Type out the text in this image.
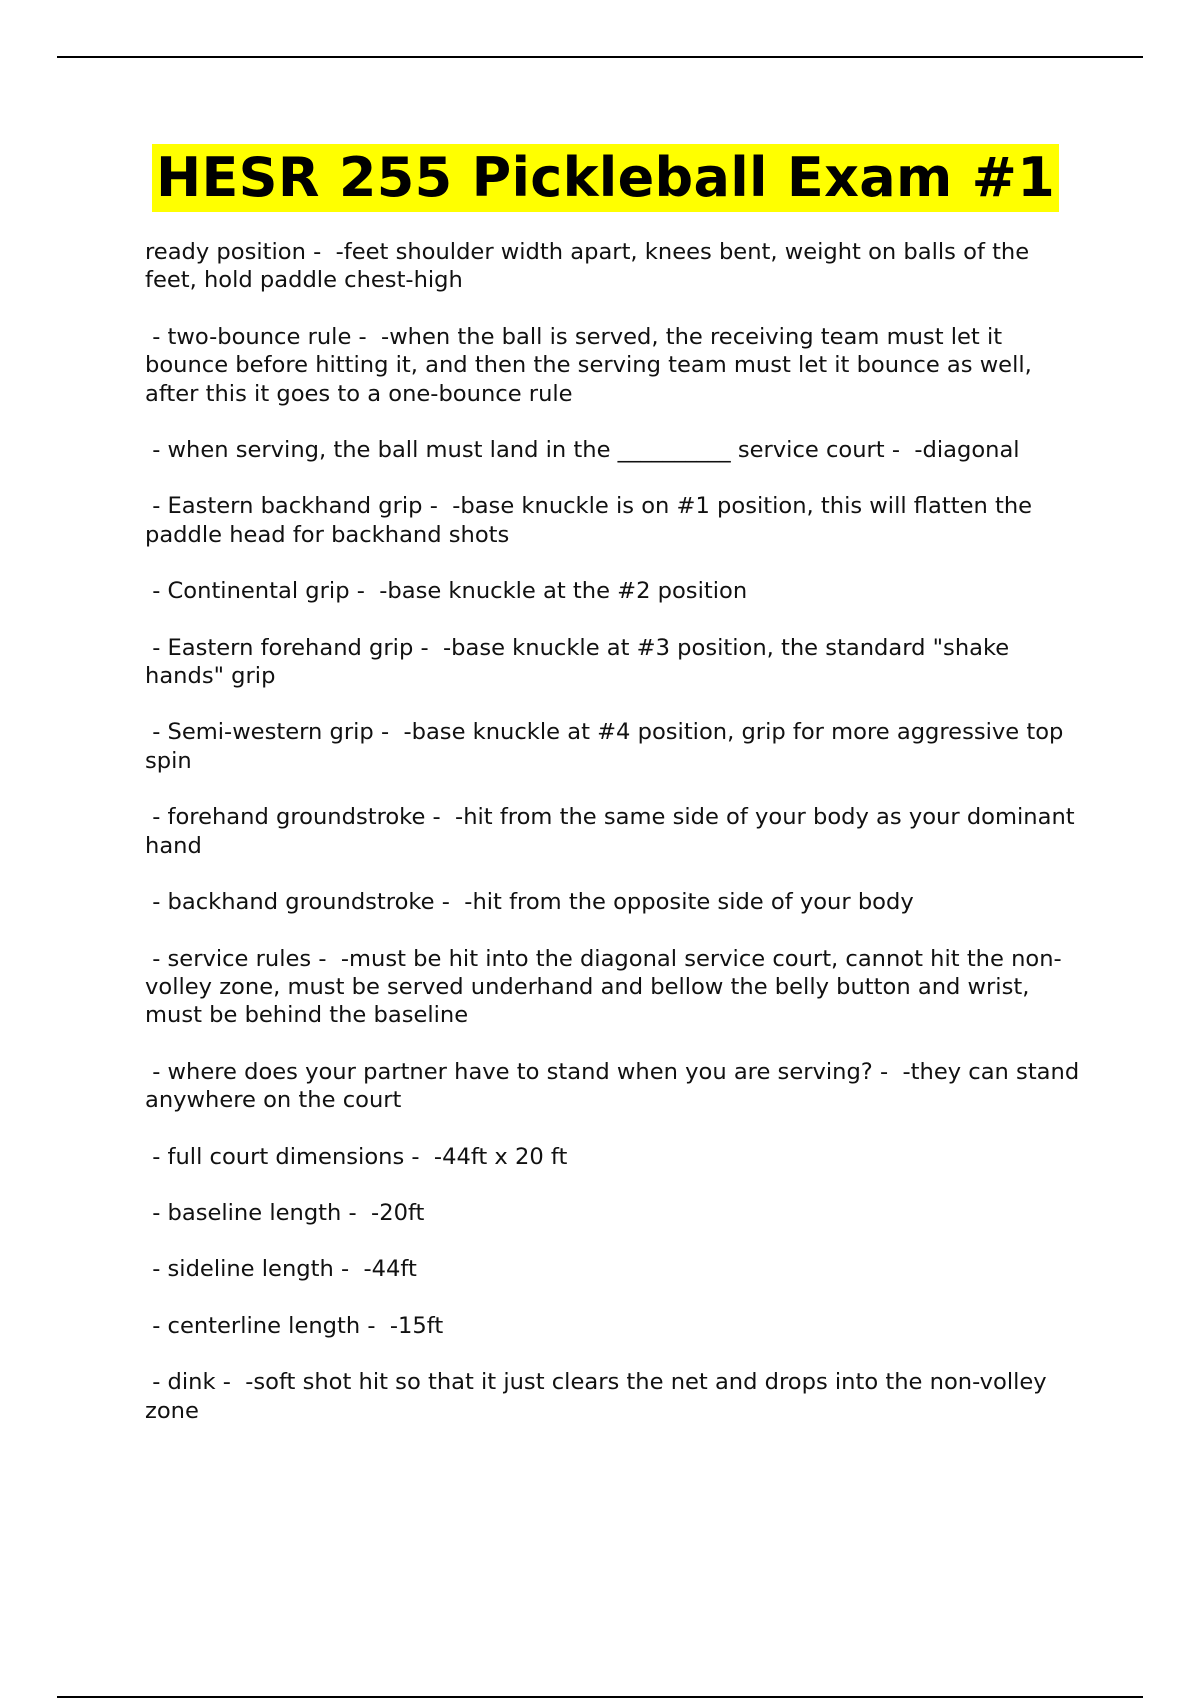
HESR 255 Pickleball Exam #1
ready position -  -feet shoulder width apart, knees bent, weight on balls of the feet, hold paddle chest-high
- two-bounce rule -  -when the ball is served, the receiving team must let it bounce before hitting it, and then the serving team must let it bounce as well, after this it goes to a one-bounce rule
- when serving, the ball must land in the __________ service court -  -diagonal
- Eastern backhand grip -  -base knuckle is on #1 position, this will flatten the paddle head for backhand shots
- Continental grip -  -base knuckle at the #2 position
- Eastern forehand grip -  -base knuckle at #3 position, the standard "shake hands" grip
- Semi-western grip -  -base knuckle at #4 position, grip for more aggressive top spin
- forehand groundstroke -  -hit from the same side of your body as your dominant hand
- backhand groundstroke -  -hit from the opposite side of your body
- service rules -  -must be hit into the diagonal service court, cannot hit the non-volley zone, must be served underhand and bellow the belly button and wrist, must be behind the baseline
- where does your partner have to stand when you are serving? -  -they can stand anywhere on the court
- full court dimensions -  -44ft x 20 ft
- baseline length -  -20ft
- sideline length -  -44ft
- centerline length -  -15ft
- dink -  -soft shot hit so that it just clears the net and drops into the non-volley zone
